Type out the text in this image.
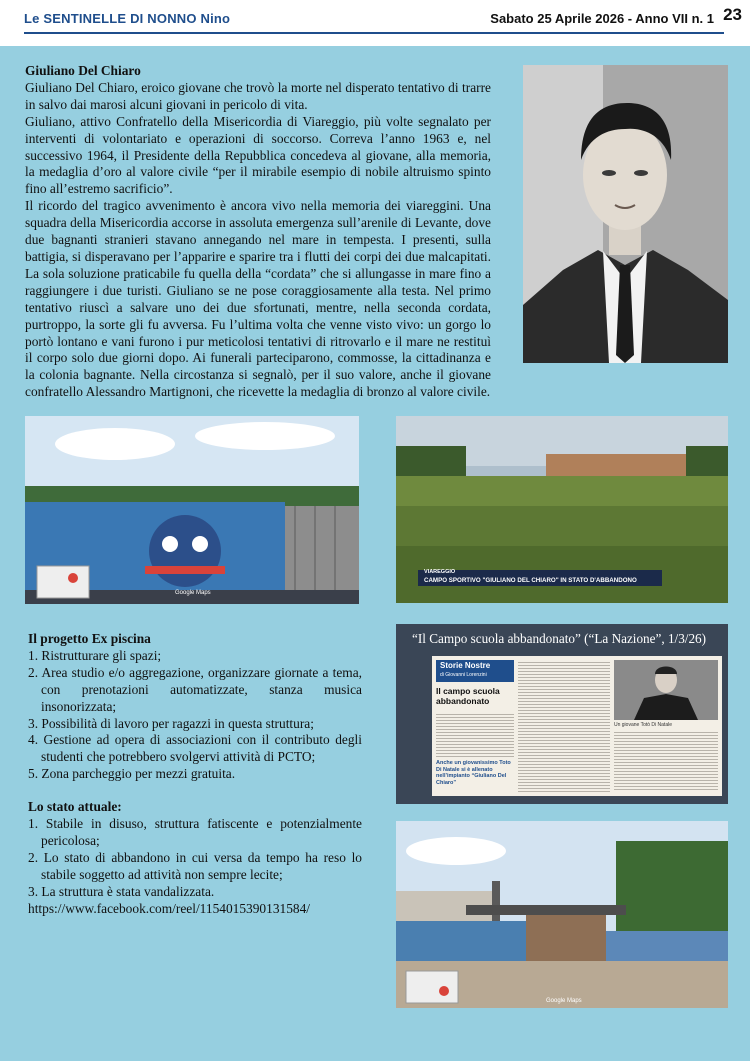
Le SENTINELLE DI NONNO Nino	Sabato 25 Aprile 2026 - Anno VII n. 1 23

Giuliano Del Chiaro

Giuliano Del Chiaro, eroico giovane che trovò la morte nel disperato tentativo di trarre in salvo dai marosi alcuni giovani in pericolo di vita.

Giuliano, attivo Confratello della Misericordia di Viareggio, più volte segnalato per interventi di volontariato e operazioni di soccorso. Correva l’anno 1963 e, nel successivo 1964, il Presidente della Repubblica concedeva al giovane, alla memoria, la medaglia d’oro al valore civile “per il mirabile esempio di nobile altruismo spinto fino all’estremo sacrificio”.

Il ricordo del tragico avvenimento è ancora vivo nella memoria dei viareggini. Una squadra della Misericordia accorse in assoluta emergenza sull’arenile di Levante, dove due bagnanti stranieri stavano annegando nel mare in tempesta. I presenti, sulla battigia, si disperavano per l’apparire e sparire tra i flutti dei corpi dei due malcapitati. La sola soluzione praticabile fu quella della “cordata” che si allungasse in mare fino a raggiungere i due turisti. Giuliano se ne pose coraggiosamente alla testa. Nel primo tentativo riuscì a salvare uno dei due sfortunati, mentre, nella seconda cordata, purtroppo, la sorte gli fu avversa. Fu l’ultima volta che venne visto vivo: un gorgo lo portò lontano e vani furono i pur meticolosi tentativi di ritrovarlo e il mare ne restituì il corpo solo due giorni dopo. Ai funerali parteciparono, commosse, la cittadinanza e la colonia bagnante. Nella circostanza si segnalò, per il suo valore, anche il giovane confratello Alessandro Martignoni, che ricevette la medaglia di bronzo al valore civile.

Google Maps
VIAREGGIO
CAMPO SPORTIVO "GIULIANO DEL CHIARO" IN STATO D'ABBANDONO

Il progetto Ex piscina

1. Ristrutturare gli spazi;
2. Area studio e/o aggregazione, organizzare giornate a tema, con prenotazioni automatizzate, stanza musica insonorizzata;
3. Possibilità di lavoro per ragazzi in questa struttura;
4. Gestione ad opera di associazioni con il contributo degli studenti che potrebbero svolgervi attività di PCTO;
5. Zona parcheggio per mezzi gratuita.

Lo stato attuale:

1. Stabile in disuso, struttura fatiscente e potenzialmente pericolosa;
2. Lo stato di abbandono in cui versa da tempo ha reso lo stabile soggetto ad attività non sempre lecite;
3. La struttura è stata vandalizzata.

https://www.facebook.com/reel/1154015390131584/

“Il Campo scuola abbandonato” (“La Nazione”, 1/3/26)
Storie Nostre
di Giovanni Lorenzini
Il campo scuola abbandonato
Anche un giovanissimo Toto Di Natale si è allenato nell’impianto “Giuliano Del Chiaro”
Un giovane Totò Di Natale
Google Maps
